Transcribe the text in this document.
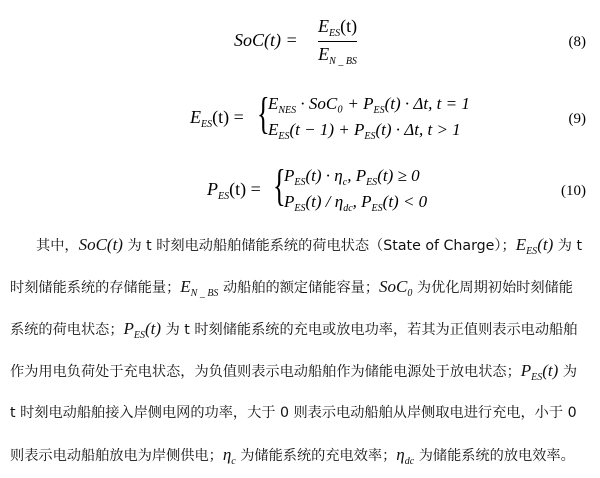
SoC(t) =
$E_{ES}(t)$
$E_{N \_ BS}$
(8)
$E_{ES}(t)$ = {
$E_{NES} \cdot SoC_0 + P_{ES}(t) \cdot \Delta t$, t = 1
$E_{ES}(t - 1) + P_{ES}(t) \cdot \Delta t$, t > 1
(9)
$P_{ES}(t)$ = {
$P_{ES}(t) \cdot \eta_c$, $P_{ES}(t) \ge 0$
$P_{ES}(t) / \eta_{dc}$, $P_{ES}(t) < 0$
(10)
其中，SoC(t) 为 t 时刻电动船舶储能系统的荷电状态（State of Charge）；$E_{ES}(t)$ 为 t
时刻储能系统的存储能量；$E_{N \_ BS}$ 动船舶的额定储能容量；SoC$_0$ 为优化周期初始时刻储能
系统的荷电状态；$P_{ES}(t)$ 为 t 时刻储能系统的充电或放电功率，若其为正值则表示电动船舶
作为用电负荷处于充电状态，为负值则表示电动船舶作为储能电源处于放电状态；$P_{ES}(t)$ 为
t 时刻电动船舶接入岸侧电网的功率，大于 0 则表示电动船舶从岸侧取电进行充电，小于 0
则表示电动船舶放电为岸侧供电；$\eta_c$ 为储能系统的充电效率；$\eta_{dc}$ 为储能系统的放电效率。
